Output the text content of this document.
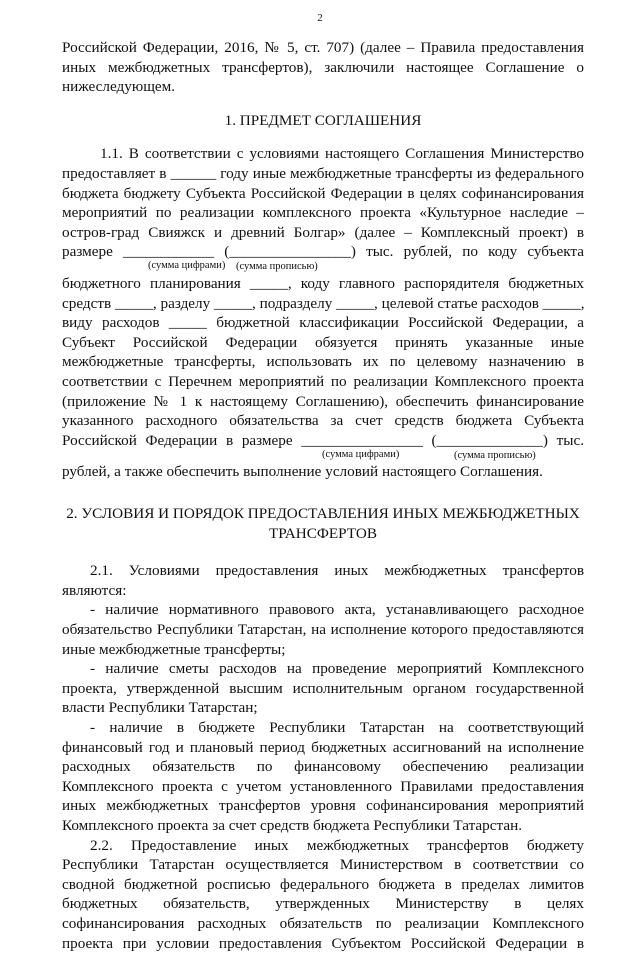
2
Российской Федерации, 2016, № 5, ст. 707) (далее – Правила предоставления
иных межбюджетных трансфертов), заключили настоящее Соглашение о
нижеследующем.
1. ПРЕДМЕТ СОГЛАШЕНИЯ
1.1. В соответствии с условиями настоящего Соглашения Министерство
предоставляет в ______ году иные межбюджетные трансферты из федерального
бюджета бюджету Субъекта Российской Федерации в целях софинансирования
мероприятий по реализации комплексного проекта «Культурное наследие –
остров-град Свияжск и древний Болгар» (далее – Комплексный проект) в
размере ____________ (________________) тыс. рублей, по коду субъекта
(сумма цифрами) (сумма прописью)
бюджетного планирования _____, коду главного распорядителя бюджетных
средств _____, разделу _____, подразделу _____, целевой статье расходов _____,
виду расходов _____ бюджетной классификации Российской Федерации, а
Субъект Российской Федерации обязуется принять указанные иные
межбюджетные трансферты, использовать их по целевому назначению в
соответствии с Перечнем мероприятий по реализации Комплексного проекта
(приложение № 1 к настоящему Соглашению), обеспечить финансирование
указанного расходного обязательства за счет средств бюджета Субъекта
Российской Федерации в размере ________________ (______________) тыс.
(сумма цифрами)	(сумма прописью)
рублей, а также обеспечить выполнение условий настоящего Соглашения.
2. УСЛОВИЯ И ПОРЯДОК ПРЕДОСТАВЛЕНИЯ ИНЫХ МЕЖБЮДЖЕТНЫХ
ТРАНСФЕРТОВ
2.1. Условиями предоставления иных межбюджетных трансфертов
являются:
- наличие нормативного правового акта, устанавливающего расходное
обязательство Республики Татарстан, на исполнение которого предоставляются
иные межбюджетные трансферты;
- наличие сметы расходов на проведение мероприятий Комплексного
проекта, утвержденной высшим исполнительным органом государственной
власти Республики Татарстан;
- наличие в бюджете Республики Татарстан на соответствующий
финансовый год и плановый период бюджетных ассигнований на исполнение
расходных обязательств по финансовому обеспечению реализации
Комплексного проекта с учетом установленного Правилами предоставления
иных межбюджетных трансфертов уровня софинансирования мероприятий
Комплексного проекта за счет средств бюджета Республики Татарстан.
2.2. Предоставление иных межбюджетных трансфертов бюджету
Республики Татарстан осуществляется Министерством в соответствии со
сводной бюджетной росписью федерального бюджета в пределах лимитов
бюджетных обязательств, утвержденных Министерству в целях
софинансирования расходных обязательств по реализации Комплексного
проекта при условии предоставления Субъектом Российской Федерации в
